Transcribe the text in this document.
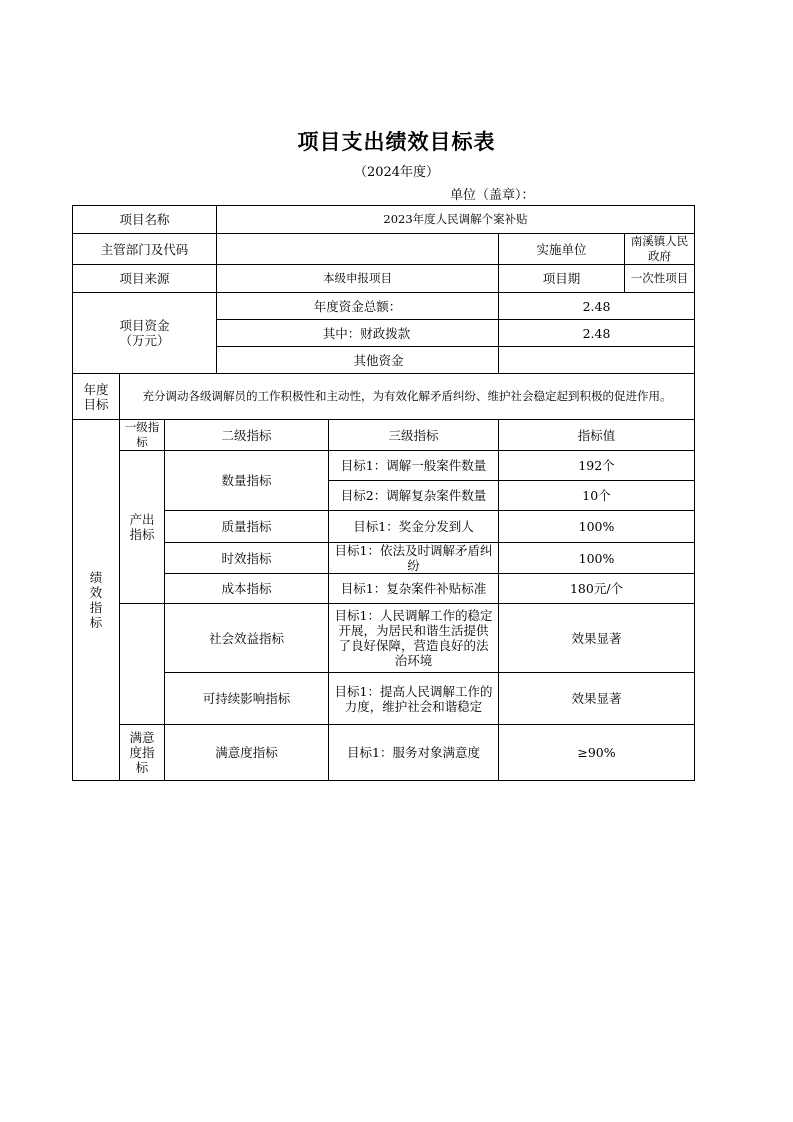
项目支出绩效目标表
（2024年度）
单位（盖章）：
项目名称			2023年度人民调解个案补贴			
主管部门及代码					实施单位	南溪镇人民政府
项目来源			本级申报项目		项目期	一次性项目

项目资金
（万元）			年度资金总额：		2.48	
			其中：财政拨款		2.48	
			其他资金			
年度目标	充分调动各级调解员的工作积极性和主动性，为有效化解矛盾纠纷、维护社会稳定起到积极的促进作用。					
绩效指标	一级指标	二级指标		三级指标	指标值	
	产出指标	数量指标		目标1：调解一般案件数量	192个	
				目标2：调解复杂案件数量	10个	
		质量指标		目标1：奖金分发到人	100%	
		时效指标		目标1：依法及时调解矛盾纠纷	100%	
		成本指标		目标1：复杂案件补贴标准	180元/个	
		社会效益指标		目标1：人民调解工作的稳定开展，为居民和谐生活提供了良好保障，营造良好的法治环境	效果显著	
		可持续影响指标		目标1：提高人民调解工作的力度，维护社会和谐稳定	效果显著	
	满意度指标	满意度指标		目标1：服务对象满意度	≥90%	
